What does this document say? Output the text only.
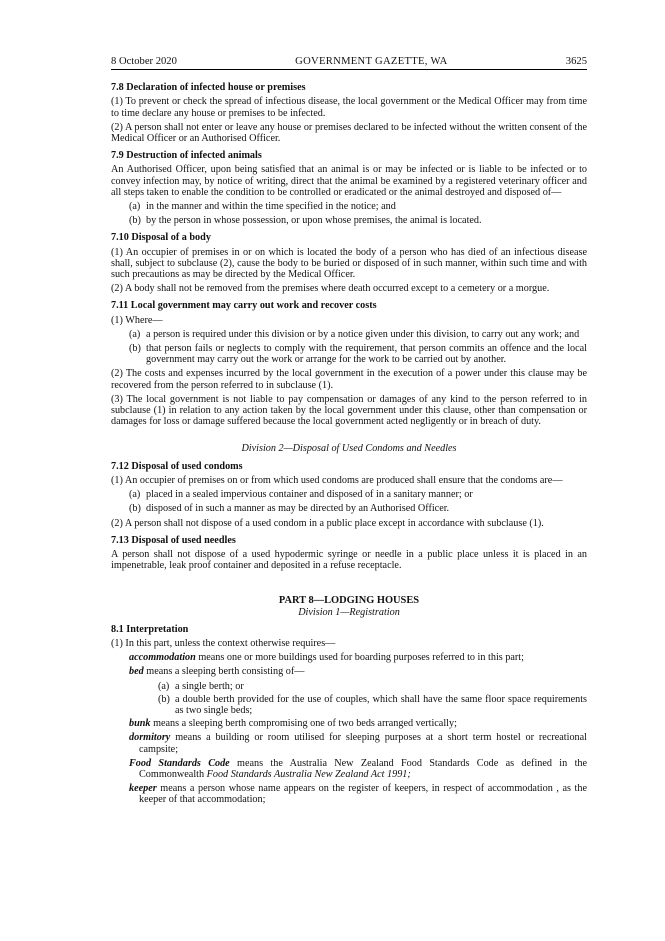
8 October 2020	GOVERNMENT GAZETTE, WA	3625
7.8 Declaration of infected house or premises

(1) To prevent or check the spread of infectious disease, the local government or the Medical Officer may from time to time declare any house or premises to be infected.

(2) A person shall not enter or leave any house or premises declared to be infected without the written consent of the Medical Officer or an Authorised Officer.

7.9 Destruction of infected animals

An Authorised Officer, upon being satisfied that an animal is or may be infected or is liable to be infected or to convey infection may, by notice of writing, direct that the animal be examined by a registered veterinary officer and all steps taken to enable the condition to be controlled or eradicated or the animal destroyed and disposed of—

(a) in the manner and within the time specified in the notice; and
(b) by the person in whose possession, or upon whose premises, the animal is located.
7.10 Disposal of a body

(1) An occupier of premises in or on which is located the body of a person who has died of an infectious disease shall, subject to subclause (2), cause the body to be buried or disposed of in such manner, within such time and with such precautions as may be directed by the Medical Officer.

(2) A body shall not be removed from the premises where death occurred except to a cemetery or a morgue.

7.11 Local government may carry out work and recover costs

(1) Where—

(a) a person is required under this division or by a notice given under this division, to carry out any work; and
(b) that person fails or neglects to comply with the requirement, that person commits an offence and the local government may carry out the work or arrange for the work to be carried out by another.

(2) The costs and expenses incurred by the local government in the execution of a power under this clause may be recovered from the person referred to in subclause (1).

(3) The local government is not liable to pay compensation or damages of any kind to the person referred to in subclause (1) in relation to any action taken by the local government under this clause, other than compensation or damages for loss or damage suffered because the local government acted negligently or in breach of duty.

Division 2—Disposal of Used Condoms and Needles
7.12 Disposal of used condoms

(1) An occupier of premises on or from which used condoms are produced shall ensure that the condoms are—

(a) placed in a sealed impervious container and disposed of in a sanitary manner; or
(b) disposed of in such a manner as may be directed by an Authorised Officer.

(2) A person shall not dispose of a used condom in a public place except in accordance with subclause (1).

7.13 Disposal of used needles

A person shall not dispose of a used hypodermic syringe or needle in a public place unless it is placed in an impenetrable, leak proof container and deposited in a refuse receptacle.

PART 8—LODGING HOUSES
Division 1—Registration
8.1 Interpretation

(1) In this part, unless the context otherwise requires—

accommodation means one or more buildings used for boarding purposes referred to in this part;
bed means a sleeping berth consisting of—
(a) a single berth; or
(b) a double berth provided for the use of couples, which shall have the same floor space requirements as two single beds;
bunk means a sleeping berth compromising one of two beds arranged vertically;
dormitory means a building or room utilised for sleeping purposes at a short term hostel or recreational campsite;
Food Standards Code means the Australia New Zealand Food Standards Code as defined in the Commonwealth Food Standards Australia New Zealand Act 1991;
keeper means a person whose name appears on the register of keepers, in respect of accommodation , as the keeper of that accommodation;
